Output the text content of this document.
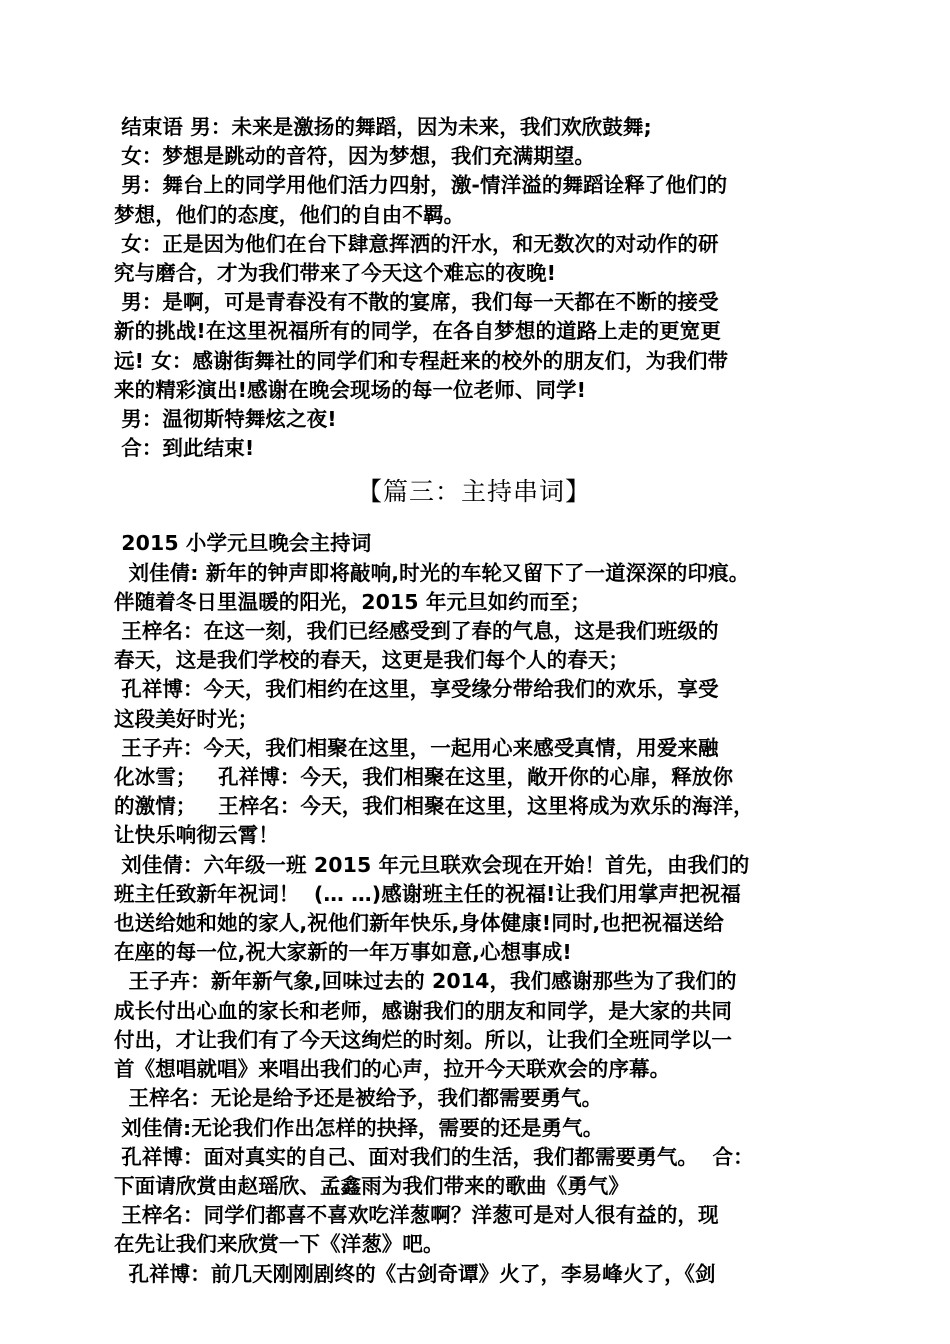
结束语 男：未来是激扬的舞蹈，因为未来，我们欢欣鼓舞;
女：梦想是跳动的音符，因为梦想，我们充满期望。
男：舞台上的同学用他们活力四射，激-情洋溢的舞蹈诠释了他们的
梦想，他们的态度，他们的自由不羁。
女：正是因为他们在台下肆意挥洒的汗水，和无数次的对动作的研
究与磨合，才为我们带来了今天这个难忘的夜晚!
男：是啊，可是青春没有不散的宴席，我们每一天都在不断的接受
新的挑战!在这里祝福所有的同学，在各自梦想的道路上走的更宽更
远! 女：感谢街舞社的同学们和专程赶来的校外的朋友们，为我们带
来的精彩演出!感谢在晚会现场的每一位老师、同学!
男：温彻斯特舞炫之夜!
合：到此结束!
【篇三：主持串词】
2015 小学元旦晚会主持词
刘佳倩: 新年的钟声即将敲响,时光的车轮又留下了一道深深的印痕。
伴随着冬日里温暖的阳光，2015 年元旦如约而至；
王梓名：在这一刻，我们已经感受到了春的气息，这是我们班级的
春天，这是我们学校的春天，这更是我们每个人的春天；
孔祥博：今天，我们相约在这里，享受缘分带给我们的欢乐，享受
这段美好时光；
王子卉：今天，我们相聚在这里，一起用心来感受真情，用爱来融
化冰雪；   孔祥博：今天，我们相聚在这里，敞开你的心扉，释放你
的激情；   王梓名：今天，我们相聚在这里，这里将成为欢乐的海洋，
让快乐响彻云霄！
刘佳倩：六年级一班 2015 年元旦联欢会现在开始！首先，由我们的
班主任致新年祝词！  (… …)感谢班主任的祝福!让我们用掌声把祝福
也送给她和她的家人,祝他们新年快乐,身体健康!同时,也把祝福送给
在座的每一位,祝大家新的一年万事如意,心想事成!
王子卉：新年新气象,回味过去的 2014，我们感谢那些为了我们的
成长付出心血的家长和老师，感谢我们的朋友和同学，是大家的共同
付出，才让我们有了今天这绚烂的时刻。所以，让我们全班同学以一
首《想唱就唱》来唱出我们的心声，拉开今天联欢会的序幕。
王梓名：无论是给予还是被给予，我们都需要勇气。
刘佳倩:无论我们作出怎样的抉择，需要的还是勇气。
孔祥博：面对真实的自己、面对我们的生活，我们都需要勇气。  合：
下面请欣赏由赵瑶欣、孟鑫雨为我们带来的歌曲《勇气》
王梓名：同学们都喜不喜欢吃洋葱啊？洋葱可是对人很有益的，现
在先让我们来欣赏一下《洋葱》吧。
孔祥博：前几天刚刚剧终的《古剑奇谭》火了，李易峰火了，《剑
